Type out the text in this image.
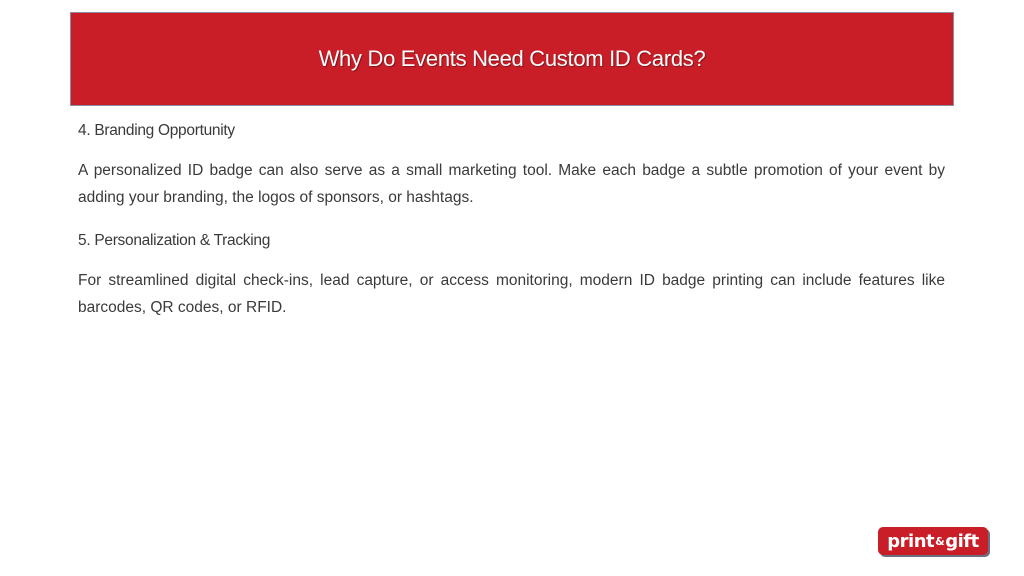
Why Do Events Need Custom ID Cards?

4. Branding Opportunity

A personalized ID badge can also serve as a small marketing tool. Make each badge a subtle promotion of your event by adding your branding, the logos of sponsors, or hashtags.

5. Personalization & Tracking

For streamlined digital check-ins, lead capture, or access monitoring, modern ID badge printing can include features like barcodes, QR codes, or RFID.

print & gift
